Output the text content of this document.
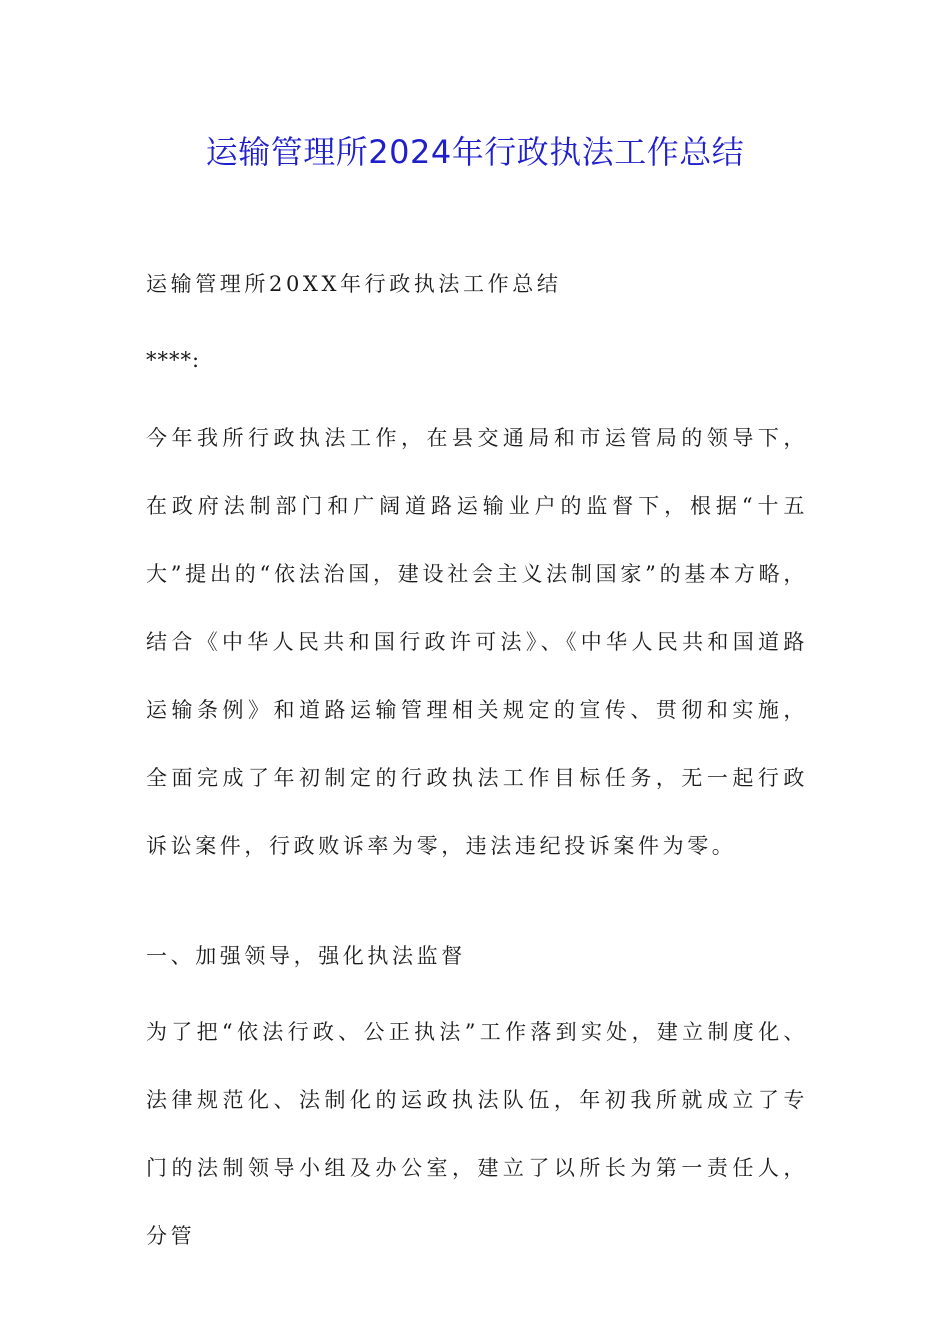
运输管理所2024年行政执法工作总结
运输管理所20XX年行政执法工作总结
****:
今年我所行政执法工作，在县交通局和市运管局的领导下，在政府法制部门和广阔道路运输业户的监督下，根据“十五大”提出的“依法治国，建设社会主义法制国家”的基本方略，结合《中华人民共和国行政许可法》、《中华人民共和国道路运输条例》和道路运输管理相关规定的宣传、贯彻和实施，全面完成了年初制定的行政执法工作目标任务，无一起行政诉讼案件，行政败诉率为零，违法违纪投诉案件为零。
一、加强领导，强化执法监督
为了把“依法行政、公正执法”工作落到实处，建立制度化、法律规范化、法制化的运政执法队伍，年初我所就成立了专门的法制领导小组及办公室，建立了以所长为第一责任人，分管
